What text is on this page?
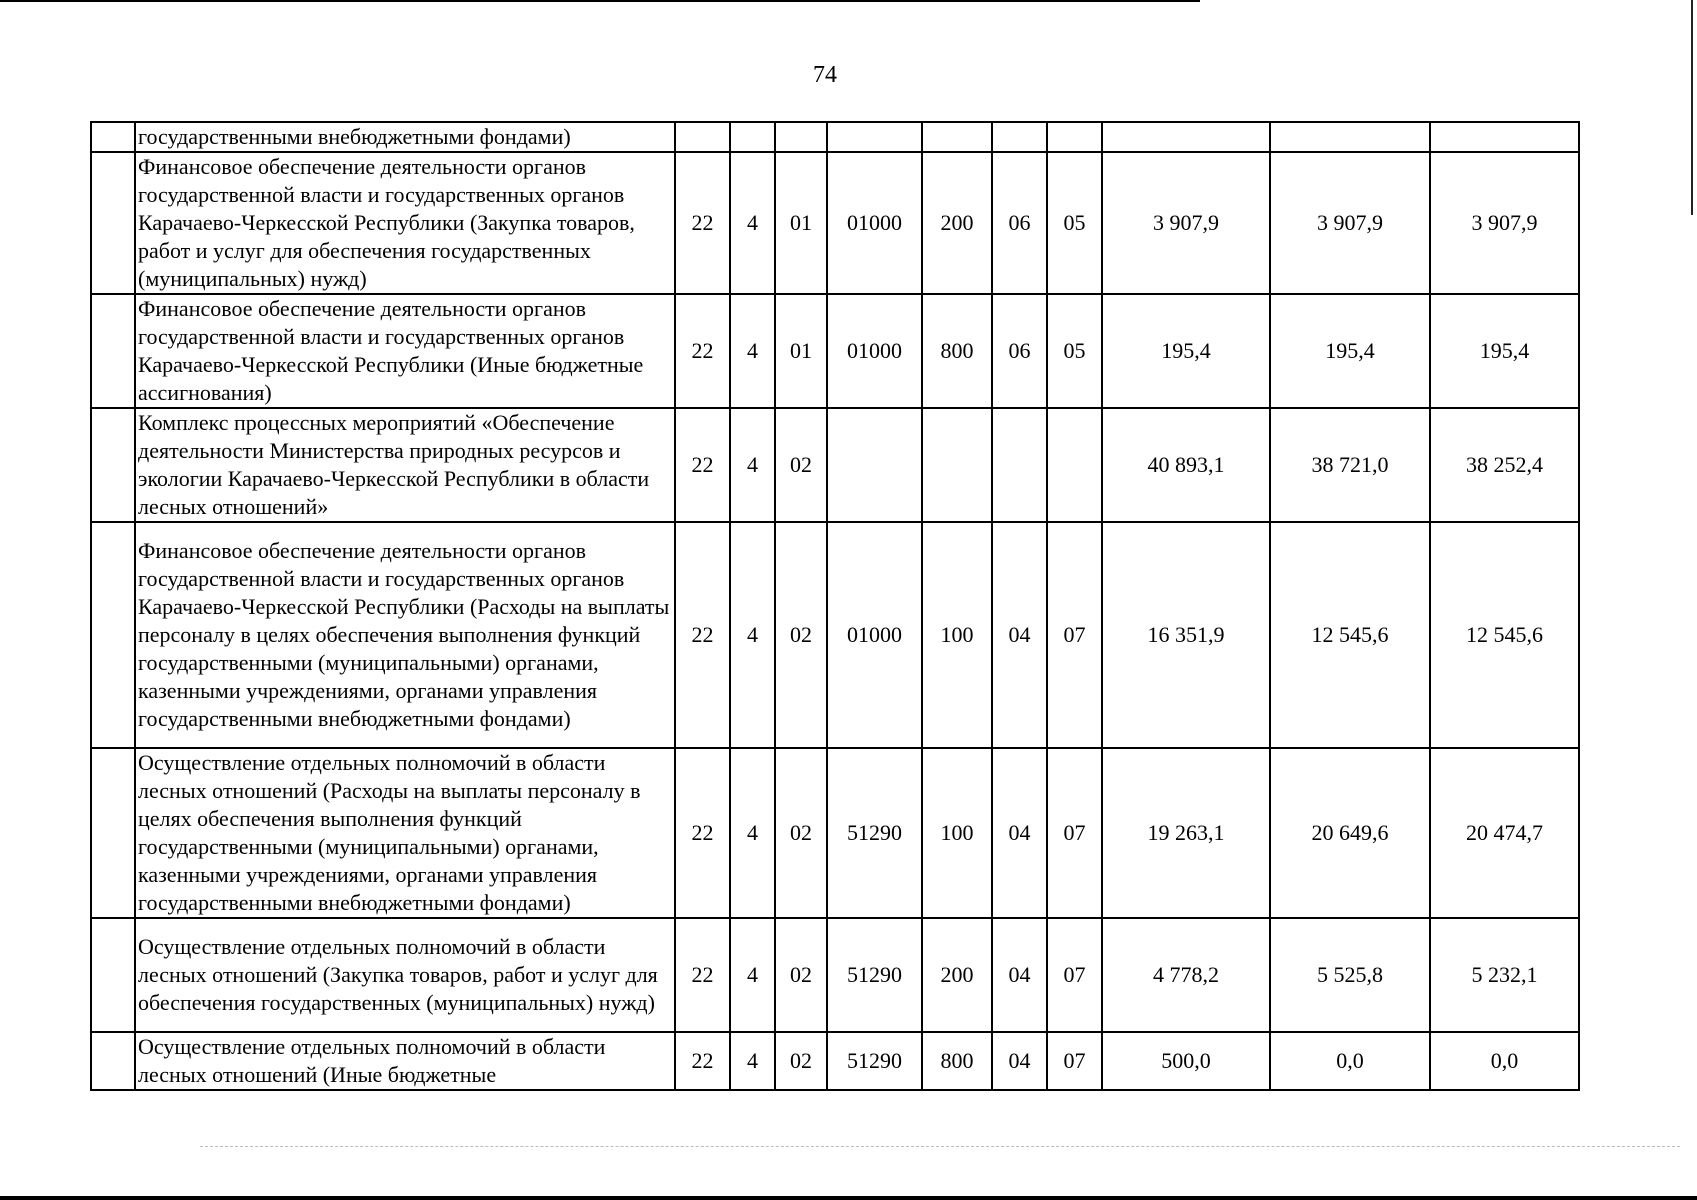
74
	государственными внебюджетными фондами)										
	Финансовое обеспечение деятельности органов государственной власти и государственных органов Карачаево-Черкесской Республики (Закупка товаров, работ и услуг для обеспечения государственных (муниципальных) нужд)	22	4	01	01000	200	06	05	3 907,9	3 907,9	3 907,9
	Финансовое обеспечение деятельности органов государственной власти и государственных органов Карачаево-Черкесской Республики (Иные бюджетные ассигнования)	22	4	01	01000	800	06	05	195,4	195,4	195,4
	Комплекс процессных мероприятий «Обеспечение деятельности Министерства природных ресурсов и экологии Карачаево-Черкесской Республики в области лесных отношений»	22	4	02					40 893,1	38 721,0	38 252,4
	Финансовое обеспечение деятельности органов государственной власти и государственных органов Карачаево-Черкесской Республики (Расходы на выплаты персоналу в целях обеспечения выполнения функций государственными (муниципальными) органами, казенными учреждениями, органами управления государственными внебюджетными фондами)	22	4	02	01000	100	04	07	16 351,9	12 545,6	12 545,6
	Осуществление отдельных полномочий в области лесных отношений (Расходы на выплаты персоналу в целях обеспечения выполнения функций государственными (муниципальными) органами, казенными учреждениями, органами управления государственными внебюджетными фондами)	22	4	02	51290	100	04	07	19 263,1	20 649,6	20 474,7
	Осуществление отдельных полномочий в области лесных отношений (Закупка товаров, работ и услуг для обеспечения государственных (муниципальных) нужд)	22	4	02	51290	200	04	07	4 778,2	5 525,8	5 232,1
	Осуществление отдельных полномочий в области лесных отношений (Иные бюджетные	22	4	02	51290	800	04	07	500,0	0,0	0,0
